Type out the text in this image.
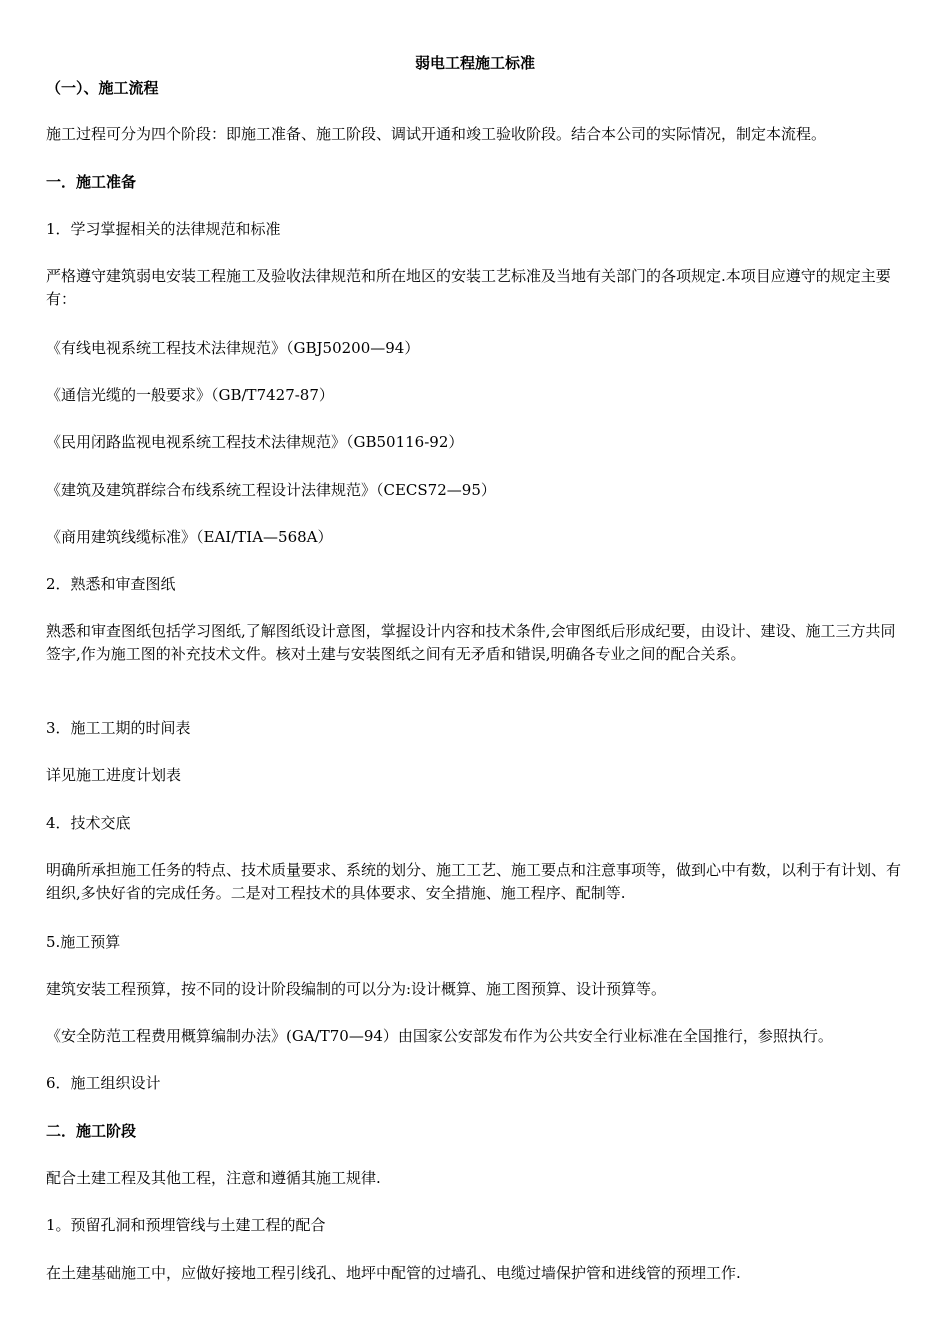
弱电工程施工标准
（一）、施工流程
施工过程可分为四个阶段：即施工准备、施工阶段、调试开通和竣工验收阶段。结合本公司的实际情况，制定本流程。
一．施工准备
1．学习掌握相关的法律规范和标准
严格遵守建筑弱电安装工程施工及验收法律规范和所在地区的安装工艺标准及当地有关部门的各项规定.本项目应遵守的规定主要有：
《有线电视系统工程技术法律规范》（GBJ50200—94）
《通信光缆的一般要求》（GB/T7427-87）
《民用闭路监视电视系统工程技术法律规范》（GB50116-92）
《建筑及建筑群综合布线系统工程设计法律规范》（CECS72—95）
《商用建筑线缆标准》（EAI/TIA—568A）
2．熟悉和审查图纸
熟悉和审查图纸包括学习图纸,了解图纸设计意图，掌握设计内容和技术条件,会审图纸后形成纪要，由设计、建设、施工三方共同签字,作为施工图的补充技术文件。核对土建与安装图纸之间有无矛盾和错误,明确各专业之间的配合关系。
3．施工工期的时间表
详见施工进度计划表
4．技术交底
明确所承担施工任务的特点、技术质量要求、系统的划分、施工工艺、施工要点和注意事项等，做到心中有数，以利于有计划、有组织,多快好省的完成任务。二是对工程技术的具体要求、安全措施、施工程序、配制等.
5.施工预算
建筑安装工程预算，按不同的设计阶段编制的可以分为:设计概算、施工图预算、设计预算等。
《安全防范工程费用概算编制办法》(GA/T70—94）由国家公安部发布作为公共安全行业标准在全国推行，参照执行。
6．施工组织设计
二．施工阶段
配合土建工程及其他工程，注意和遵循其施工规律.
1。预留孔洞和预埋管线与土建工程的配合
在土建基础施工中，应做好接地工程引线孔、地坪中配管的过墙孔、电缆过墙保护管和进线管的预埋工作.
